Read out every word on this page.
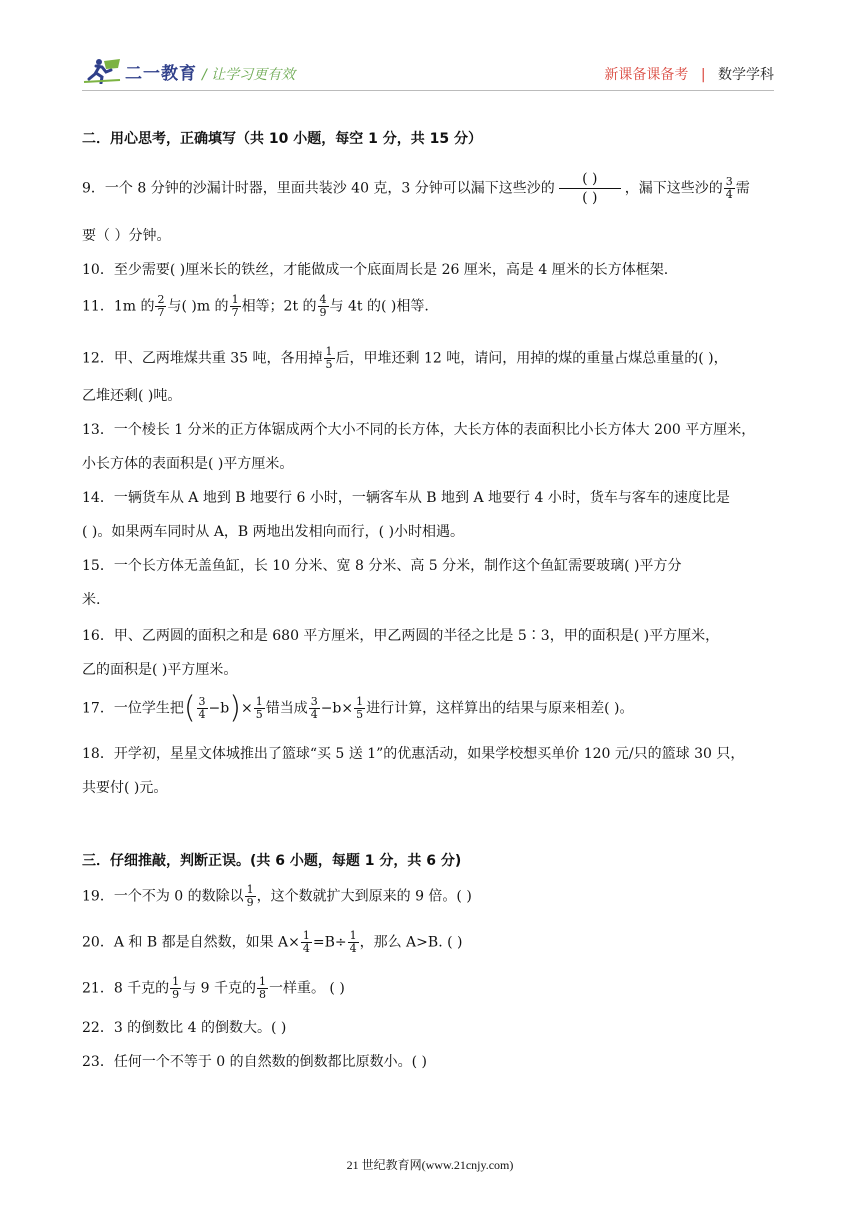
二一教育 / 让学习更有效	新课备课备考 | 数学学科
二．用心思考，正确填写（共 10 小题，每空 1 分，共 15 分）
9．一个 8 分钟的沙漏计时器，里面共装沙 40 克，3 分钟可以漏下这些沙的
( )
( )
，漏下这些沙的 $\frac{3}{4}$ 需
要（ ）分钟。
10．至少需要( )厘米长的铁丝，才能做成一个底面周长是 26 厘米，高是 4 厘米的长方体框架.
11．1m 的 $\frac{2}{7}$ 与( )m 的 $\frac{1}{7}$ 相等；2t 的 $\frac{4}{9}$ 与 4t 的( )相等.
12．甲、乙两堆煤共重 35 吨，各用掉 $\frac{1}{5}$ 后，甲堆还剩 12 吨，请问，用掉的煤的重量占煤总重量的( )，
乙堆还剩( )吨。
13．一个棱长 1 分米的正方体锯成两个大小不同的长方体，大长方体的表面积比小长方体大 200 平方厘米，
小长方体的表面积是( )平方厘米。
14．一辆货车从 A 地到 B 地要行 6 小时，一辆客车从 B 地到 A 地要行 4 小时，货车与客车的速度比是
( )。如果两车同时从 A，B 两地出发相向而行，( )小时相遇。
15．一个长方体无盖鱼缸，长 10 分米、宽 8 分米、高 5 分米，制作这个鱼缸需要玻璃( )平方分
米.
16．甲、乙两圆的面积之和是 680 平方厘米，甲乙两圆的半径之比是 5∶3，甲的面积是( )平方厘米，
乙的面积是( )平方厘米。
17．一位学生把( $\frac{3}{4} -b)\times \frac{1}{5}$ 错当成 $\frac{3}{4} -b\times \frac{1}{5}$ 进行计算，这样算出的结果与原来相差( )。
18．开学初，星星文体城推出了篮球“买 5 送 1”的优惠活动，如果学校想买单价 120 元/只的篮球 30 只，
共要付( )元。
三．仔细推敲，判断正误。(共 6 小题，每题 1 分，共 6 分)
19．一个不为 0 的数除以 $\frac{1}{9}$ ，这个数就扩大到原来的 9 倍。( )
20．A 和 B 都是自然数，如果 $A\times \frac{1}{4} =B\div \frac{1}{4}$ ，那么 A>B. ( )
21．8 千克的 $\frac{1}{9}$ 与 9 千克的 $\frac{1}{8}$ 一样重。 ( )
22．3 的倒数比 4 的倒数大。( )
23．任何一个不等于 0 的自然数的倒数都比原数小。( )
21 世纪教育网(www.21cnjy.com)
